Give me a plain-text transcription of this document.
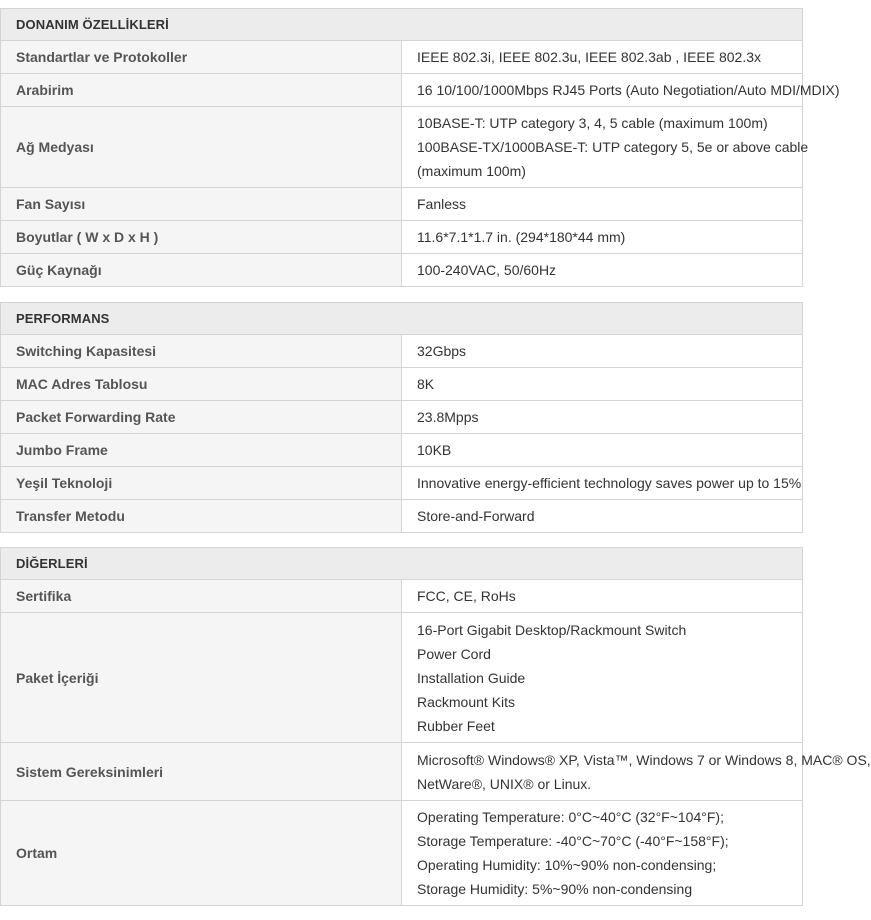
DONANIM ÖZELLİKLERİ	
Standartlar ve Protokoller	IEEE 802.3i, IEEE 802.3u, IEEE 802.3ab , IEEE 802.3x

Arabirim	16 10/100/1000Mbps RJ45 Ports (Auto Negotiation/Auto MDI/MDIX)

Ağ Medyası	10BASE-T: UTP category 3, 4, 5 cable (maximum 100m)
100BASE-TX/1000BASE-T: UTP category 5, 5e or above cable
(maximum 100m)

Fan Sayısı	Fanless

Boyutlar ( W x D x H )	11.6*7.1*1.7 in. (294*180*44 mm)

Güç Kaynağı	100-240VAC, 50/60Hz
PERFORMANS	
Switching Kapasitesi	32Gbps

MAC Adres Tablosu	8K

Packet Forwarding Rate	23.8Mpps

Jumbo Frame	10KB

Yeşil Teknoloji	Innovative energy-efficient technology saves power up to 15%

Transfer Metodu	Store-and-Forward
DİĞERLERİ	
Sertifika	FCC, CE, RoHs

Paket İçeriği	16-Port Gigabit Desktop/Rackmount Switch
Power Cord
Installation Guide
Rackmount Kits
Rubber Feet

Sistem Gereksinimleri	Microsoft® Windows® XP, Vista™, Windows 7 or Windows 8, MAC® OS,
NetWare®, UNIX® or Linux.

Ortam	Operating Temperature: 0°C~40°C (32°F~104°F);
Storage Temperature: -40°C~70°C (-40°F~158°F);
Operating Humidity: 10%~90% non-condensing;
Storage Humidity: 5%~90% non-condensing
